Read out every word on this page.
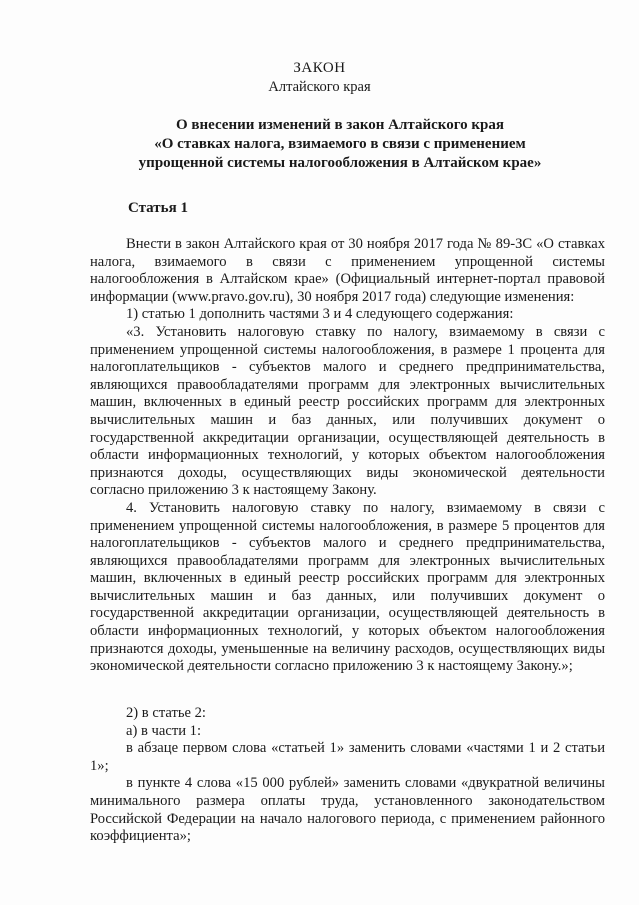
ЗАКОН
Алтайского края
О внесении изменений в закон Алтайского края
«О ставках налога, взимаемого в связи с применением
упрощенной системы налогообложения в Алтайском крае»
Статья 1

Внести в закон Алтайского края от 30 ноября 2017 года № 89-ЗС «О ставках налога, взимаемого в связи с применением упрощенной системы налогообложения в Алтайском крае» (Официальный интернет-портал правовой информации (www.pravo.gov.ru), 30 ноября 2017 года) следующие изменения:

1) статью 1 дополнить частями 3 и 4 следующего содержания:

«3. Установить налоговую ставку по налогу, взимаемому в связи с применением упрощенной системы налогообложения, в размере 1 процента для налогоплательщиков - субъектов малого и среднего предпринимательства, являющихся правообладателями программ для электронных вычислительных машин, включенных в единый реестр российских программ для электронных вычислительных машин и баз данных, или получивших документ о государственной аккредитации организации, осуществляющей деятельность в области информационных технологий, у которых объектом налогообложения признаются доходы, осуществляющих виды экономической деятельности согласно приложению 3 к настоящему Закону.

4. Установить налоговую ставку по налогу, взимаемому в связи с применением упрощенной системы налогообложения, в размере 5 процентов для налогоплательщиков - субъектов малого и среднего предпринимательства, являющихся правообладателями программ для электронных вычислительных машин, включенных в единый реестр российских программ для электронных вычислительных машин и баз данных, или получивших документ о государственной аккредитации организации, осуществляющей деятельность в области информационных технологий, у которых объектом налогообложения признаются доходы, уменьшенные на величину расходов, осуществляющих виды экономической деятельности согласно приложению 3 к настоящему Закону.»;

2) в статье 2:

а) в части 1:

в абзаце первом слова «статьей 1» заменить словами «частями 1 и 2 статьи 1»;

в пункте 4 слова «15 000 рублей» заменить словами «двукратной величины минимального размера оплаты труда, установленного законодательством Российской Федерации на начало налогового периода, с применением районного коэффициента»;
